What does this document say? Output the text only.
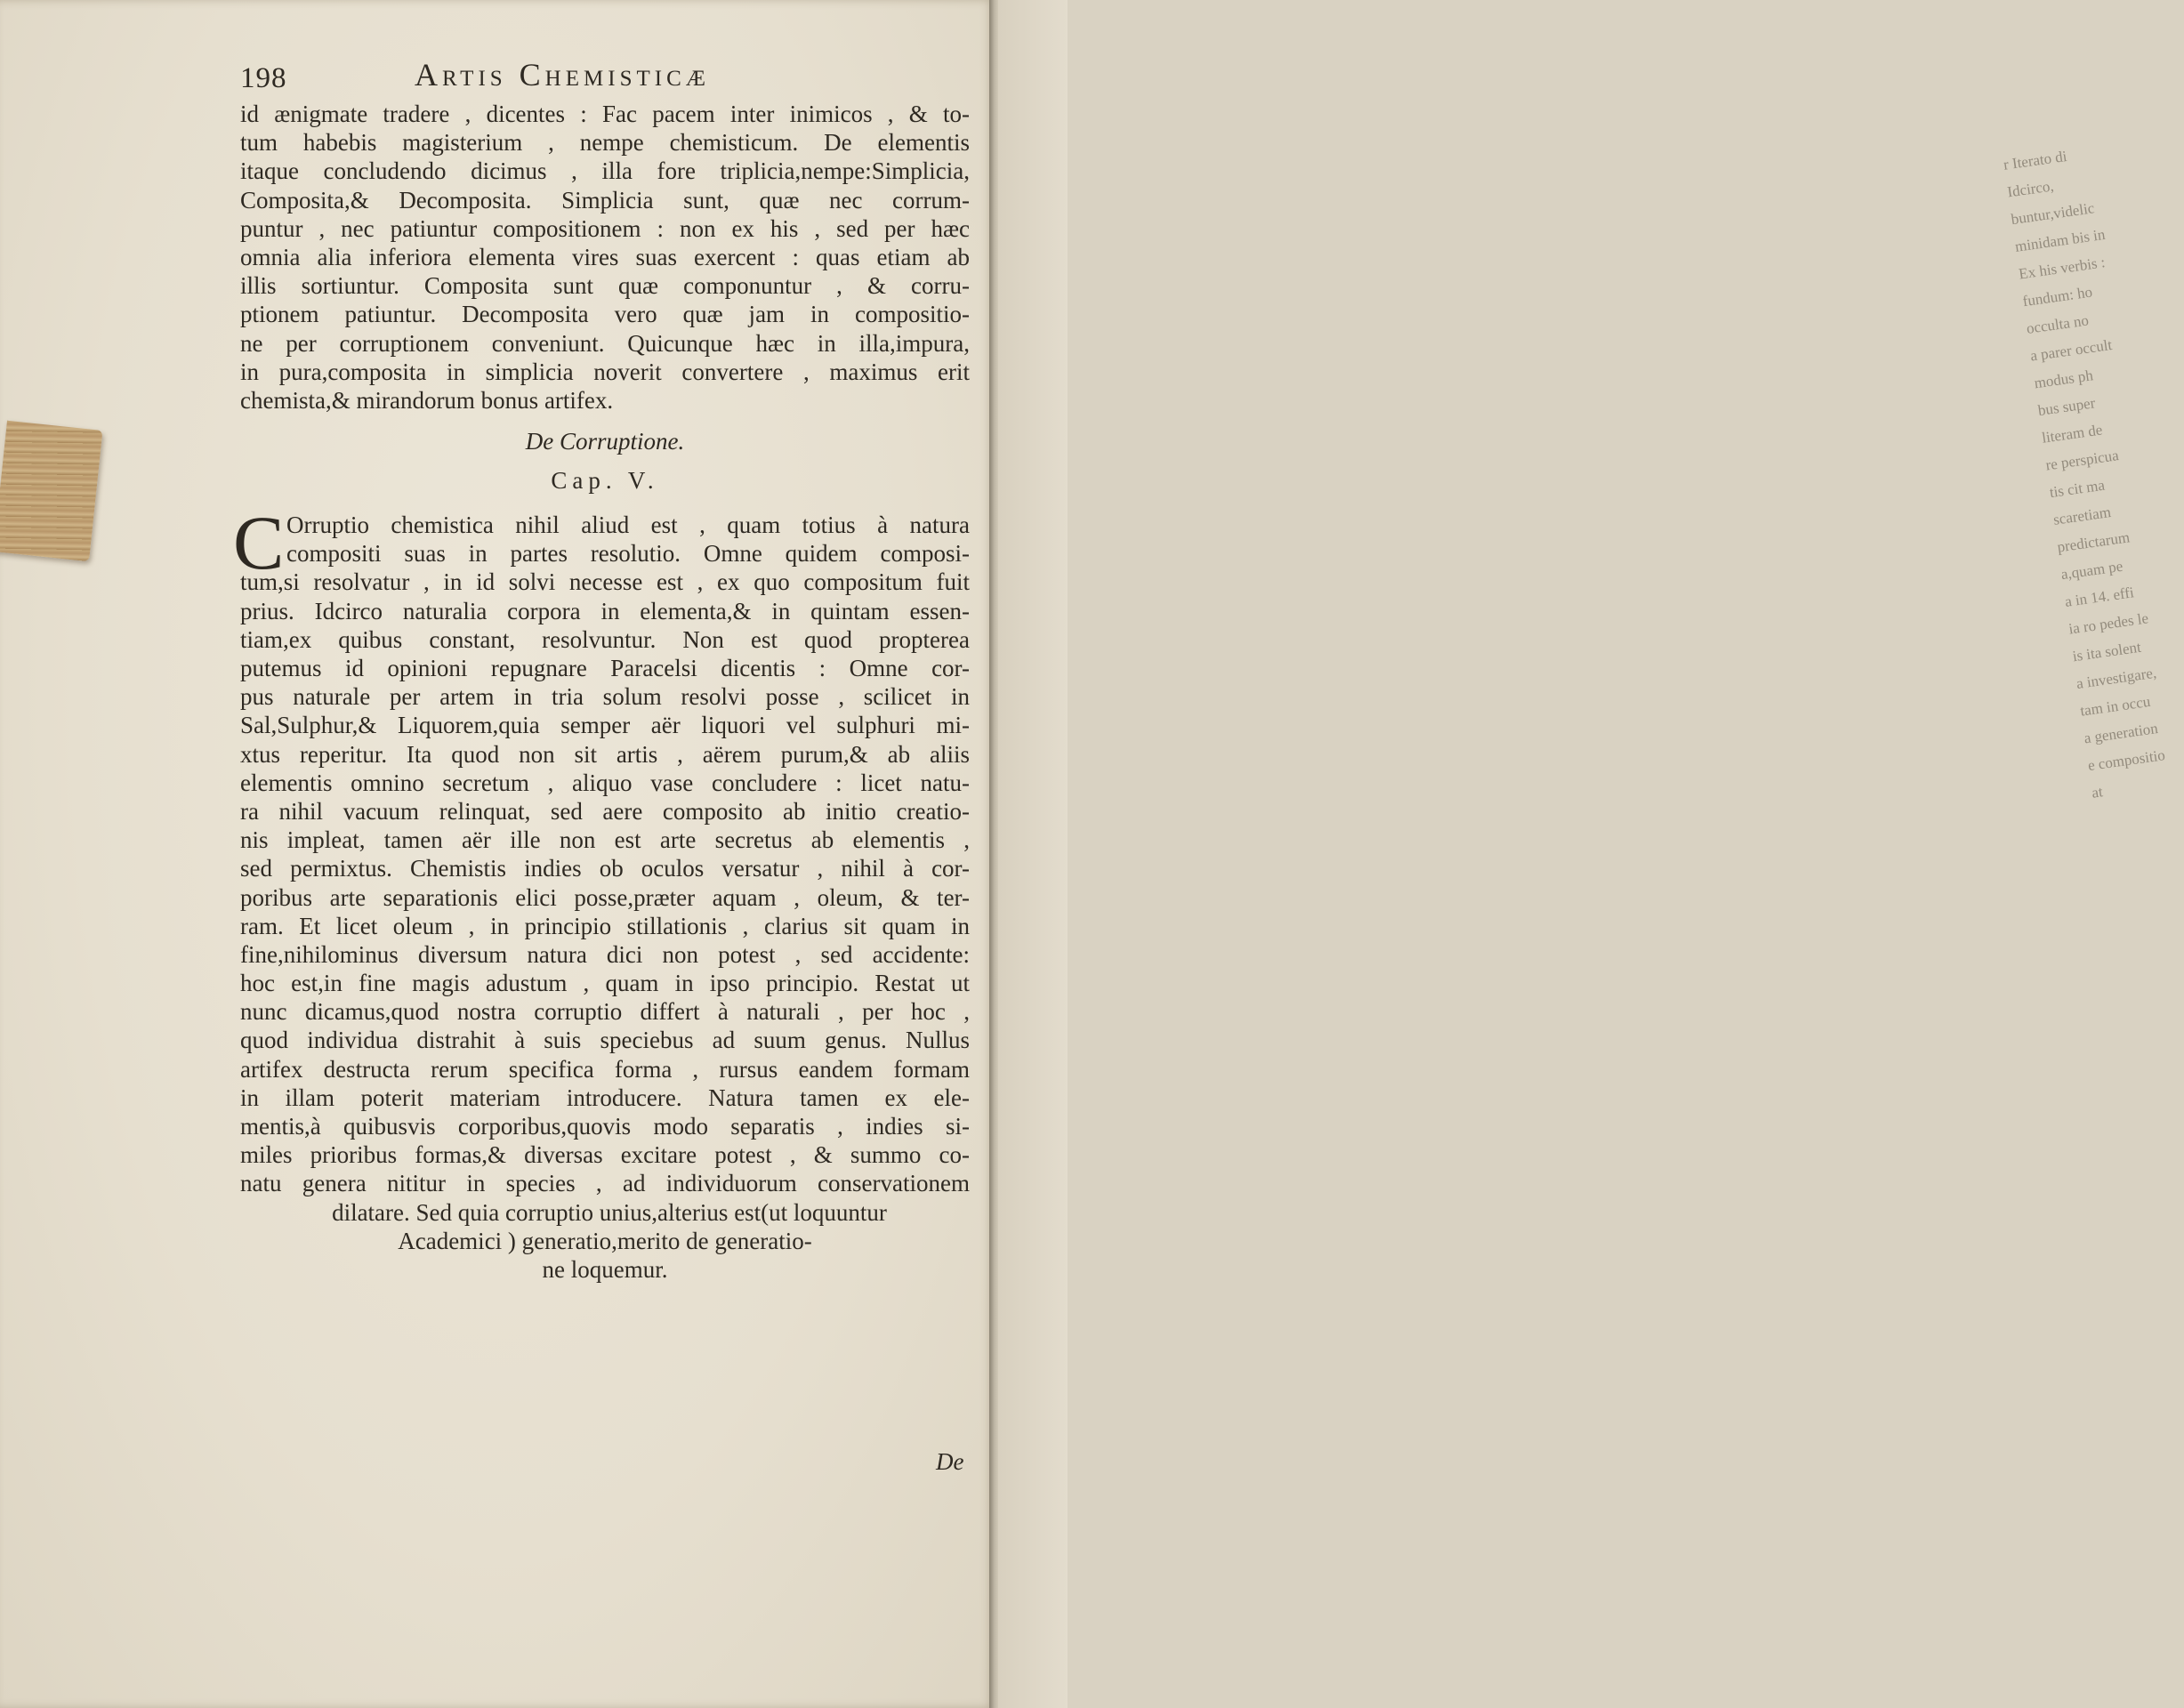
r Iterato di
Idcirco,
buntur,videlic
minidam bis in
Ex his verbis :
fundum: ho
occulta no
a parer occult
modus ph
bus super
literam de
re perspicua
tis cit ma
scaretiam
predictarum
a,quam pe
a in 14. effi
ia ro pedes le
is ita solent
a investigare,
tam in occu
a generation
e compositio
at
198	Artis Chemisticæ
id ænigmate tradere , dicentes : Fac pacem inter inimicos , & to-
tum habebis magisterium , nempe chemisticum. De elementis
itaque concludendo dicimus , illa fore triplicia,nempe:Simplicia,
Composita,& Decomposita. Simplicia sunt, quæ nec corrum-
puntur , nec patiuntur compositionem : non ex his , sed per hæc
omnia alia inferiora elementa vires suas exercent : quas etiam ab
illis sortiuntur. Composita sunt quæ componuntur , & corru-
ptionem patiuntur. Decomposita vero quæ jam in compositio-
ne per corruptionem conveniunt. Quicunque hæc in illa,impura,
in pura,composita in simplicia noverit convertere , maximus erit
chemista,& mirandorum bonus artifex.
De Corruptione.
Cap. V.
C Orruptio chemistica nihil aliud est , quam totius à natura
compositi suas in partes resolutio. Omne quidem composi-
tum,si resolvatur , in id solvi necesse est , ex quo compositum fuit
prius. Idcirco naturalia corpora in elementa,& in quintam essen-
tiam,ex quibus constant, resolvuntur. Non est quod propterea
putemus id opinioni repugnare Paracelsi dicentis : Omne cor-
pus naturale per artem in tria solum resolvi posse , scilicet in
Sal,Sulphur,& Liquorem,quia semper aër liquori vel sulphuri mi-
xtus reperitur. Ita quod non sit artis , aërem purum,& ab aliis
elementis omnino secretum , aliquo vase concludere : licet natu-
ra nihil vacuum relinquat, sed aere composito ab initio creatio-
nis impleat, tamen aër ille non est arte secretus ab elementis ,
sed permixtus. Chemistis indies ob oculos versatur , nihil à cor-
poribus arte separationis elici posse,præter aquam , oleum, & ter-
ram. Et licet oleum , in principio stillationis , clarius sit quam in
fine,nihilominus diversum natura dici non potest , sed accidente:
hoc est,in fine magis adustum , quam in ipso principio. Restat ut
nunc dicamus,quod nostra corruptio differt à naturali , per hoc ,
quod individua distrahit à suis speciebus ad suum genus. Nullus
artifex destructa rerum specifica forma , rursus eandem formam
in illam poterit materiam introducere. Natura tamen ex ele-
mentis,à quibusvis corporibus,quovis modo separatis , indies si-
miles prioribus formas,& diversas excitare potest , & summo co-
natu genera nititur in species , ad individuorum conservationem
dilatare. Sed quia corruptio unius,alterius est(ut loquuntur
Academici ) generatio,merito de generatio-
ne loquemur.
De
